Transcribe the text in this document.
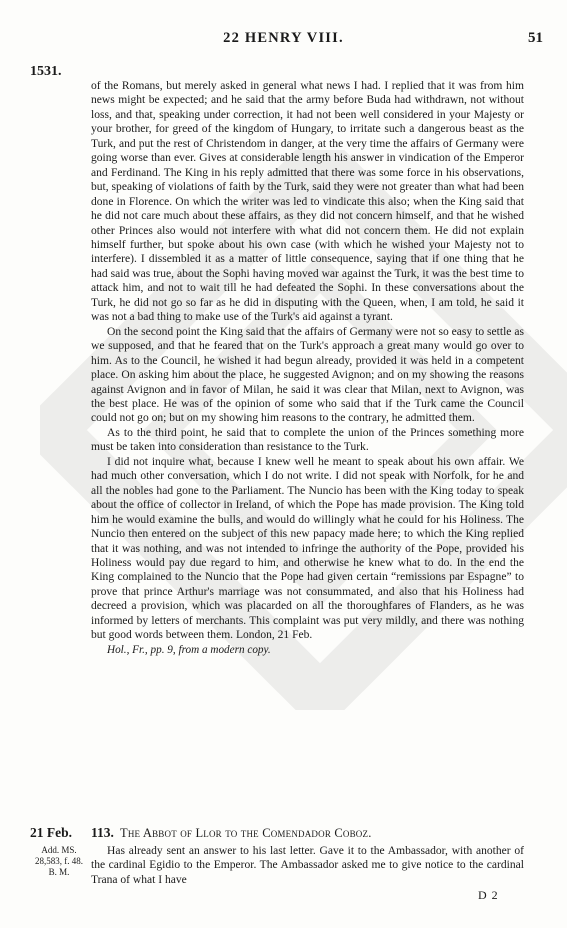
22 HENRY VIII.	51
1531.

of the Romans, but merely asked in general what news I had. I replied that it was from him news might be expected; and he said that the army before Buda had withdrawn, not without loss, and that, speaking under correction, it had not been well considered in your Majesty or your brother, for greed of the kingdom of Hungary, to irritate such a dangerous beast as the Turk, and put the rest of Christendom in danger, at the very time the affairs of Germany were going worse than ever. Gives at considerable length his answer in vindication of the Emperor and Ferdinand. The King in his reply admitted that there was some force in his observations, but, speaking of violations of faith by the Turk, said they were not greater than what had been done in Florence. On which the writer was led to vindicate this also; when the King said that he did not care much about these affairs, as they did not concern himself, and that he wished other Princes also would not interfere with what did not concern them. He did not explain himself further, but spoke about his own case (with which he wished your Majesty not to interfere). I dissembled it as a matter of little consequence, saying that if one thing that he had said was true, about the Sophi having moved war against the Turk, it was the best time to attack him, and not to wait till he had defeated the Sophi. In these conversations about the Turk, he did not go so far as he did in disputing with the Queen, when, I am told, he said it was not a bad thing to make use of the Turk's aid against a tyrant.

On the second point the King said that the affairs of Germany were not so easy to settle as we supposed, and that he feared that on the Turk's approach a great many would go over to him. As to the Council, he wished it had begun already, provided it was held in a competent place. On asking him about the place, he suggested Avignon; and on my showing the reasons against Avignon and in favor of Milan, he said it was clear that Milan, next to Avignon, was the best place. He was of the opinion of some who said that if the Turk came the Council could not go on; but on my showing him reasons to the contrary, he admitted them.

As to the third point, he said that to complete the union of the Princes something more must be taken into consideration than resistance to the Turk.

I did not inquire what, because I knew well he meant to speak about his own affair. We had much other conversation, which I do not write. I did not speak with Norfolk, for he and all the nobles had gone to the Parliament. The Nuncio has been with the King today to speak about the office of collector in Ireland, of which the Pope has made provision. The King told him he would examine the bulls, and would do willingly what he could for his Holiness. The Nuncio then entered on the subject of this new papacy made here; to which the King replied that it was nothing, and was not intended to infringe the authority of the Pope, provided his Holiness would pay due regard to him, and otherwise he knew what to do. In the end the King complained to the Nuncio that the Pope had given certain “remissions par Espagne” to prove that prince Arthur's marriage was not consummated, and also that his Holiness had decreed a provision, which was placarded on all the thoroughfares of Flanders, as he was informed by letters of merchants. This complaint was put very mildly, and there was nothing but good words between them. London, 21 Feb.

Hol., Fr., pp. 9, from a modern copy.

21 Feb. 113. The Abbot of Llor to the Comendador Coboz.
Add. MS.
28,583, f. 48.
B. M.

Has already sent an answer to his last letter. Gave it to the Ambassador, with another of the cardinal Egidio to the Emperor. The Ambassador asked me to give notice to the cardinal Trana of what I have

D 2
